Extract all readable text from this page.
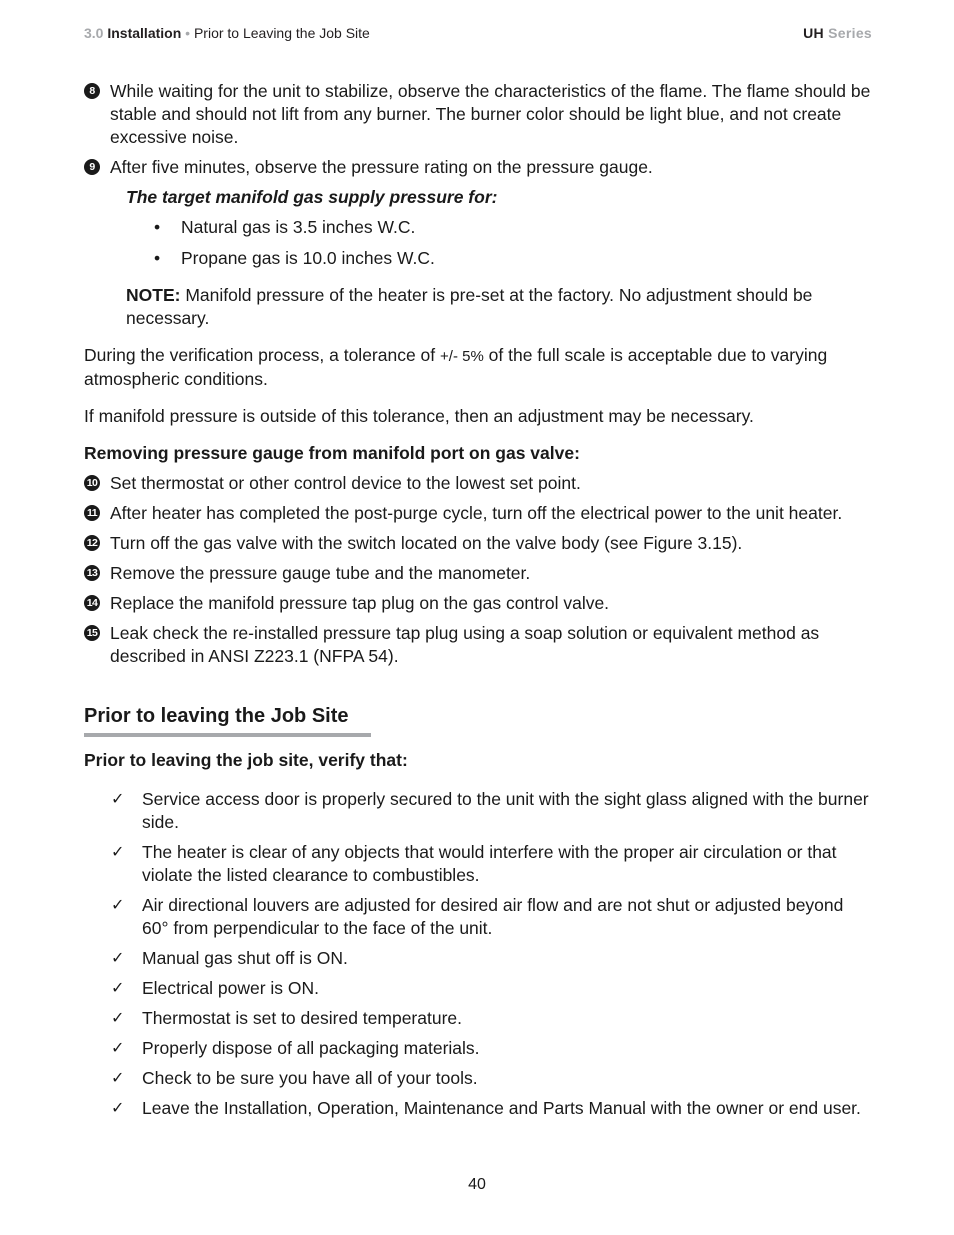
3.0 Installation • Prior to Leaving the Job Site	UH Series
8 While waiting for the unit to stabilize, observe the characteristics of the flame. The flame should be stable and should not lift from any burner. The burner color should be light blue, and not create excessive noise.
9 After five minutes, observe the pressure rating on the pressure gauge.
The target manifold gas supply pressure for:
• Natural gas is 3.5 inches W.C.
• Propane gas is 10.0 inches W.C.
NOTE: Manifold pressure of the heater is pre-set at the factory. No adjustment should be necessary.
During the verification process, a tolerance of +/- 5% of the full scale is acceptable due to varying atmospheric conditions.
If manifold pressure is outside of this tolerance, then an adjustment may be necessary.
Removing pressure gauge from manifold port on gas valve:
10 Set thermostat or other control device to the lowest set point.
11 After heater has completed the post-purge cycle, turn off the electrical power to the unit heater.
12 Turn off the gas valve with the switch located on the valve body (see Figure 3.15).
13 Remove the pressure gauge tube and the manometer.
14 Replace the manifold pressure tap plug on the gas control valve.
15 Leak check the re-installed pressure tap plug using a soap solution or equivalent method as described in ANSI Z223.1 (NFPA 54).
Prior to leaving the Job Site
Prior to leaving the job site, verify that:
✓ Service access door is properly secured to the unit with the sight glass aligned with the burner side.
✓ The heater is clear of any objects that would interfere with the proper air circulation or that violate the listed clearance to combustibles.
✓ Air directional louvers are adjusted for desired air flow and are not shut or adjusted beyond 60° from perpendicular to the face of the unit.
✓ Manual gas shut off is ON.
✓ Electrical power is ON.
✓ Thermostat is set to desired temperature.
✓ Properly dispose of all packaging materials.
✓ Check to be sure you have all of your tools.
✓ Leave the Installation, Operation, Maintenance and Parts Manual with the owner or end user.
40
